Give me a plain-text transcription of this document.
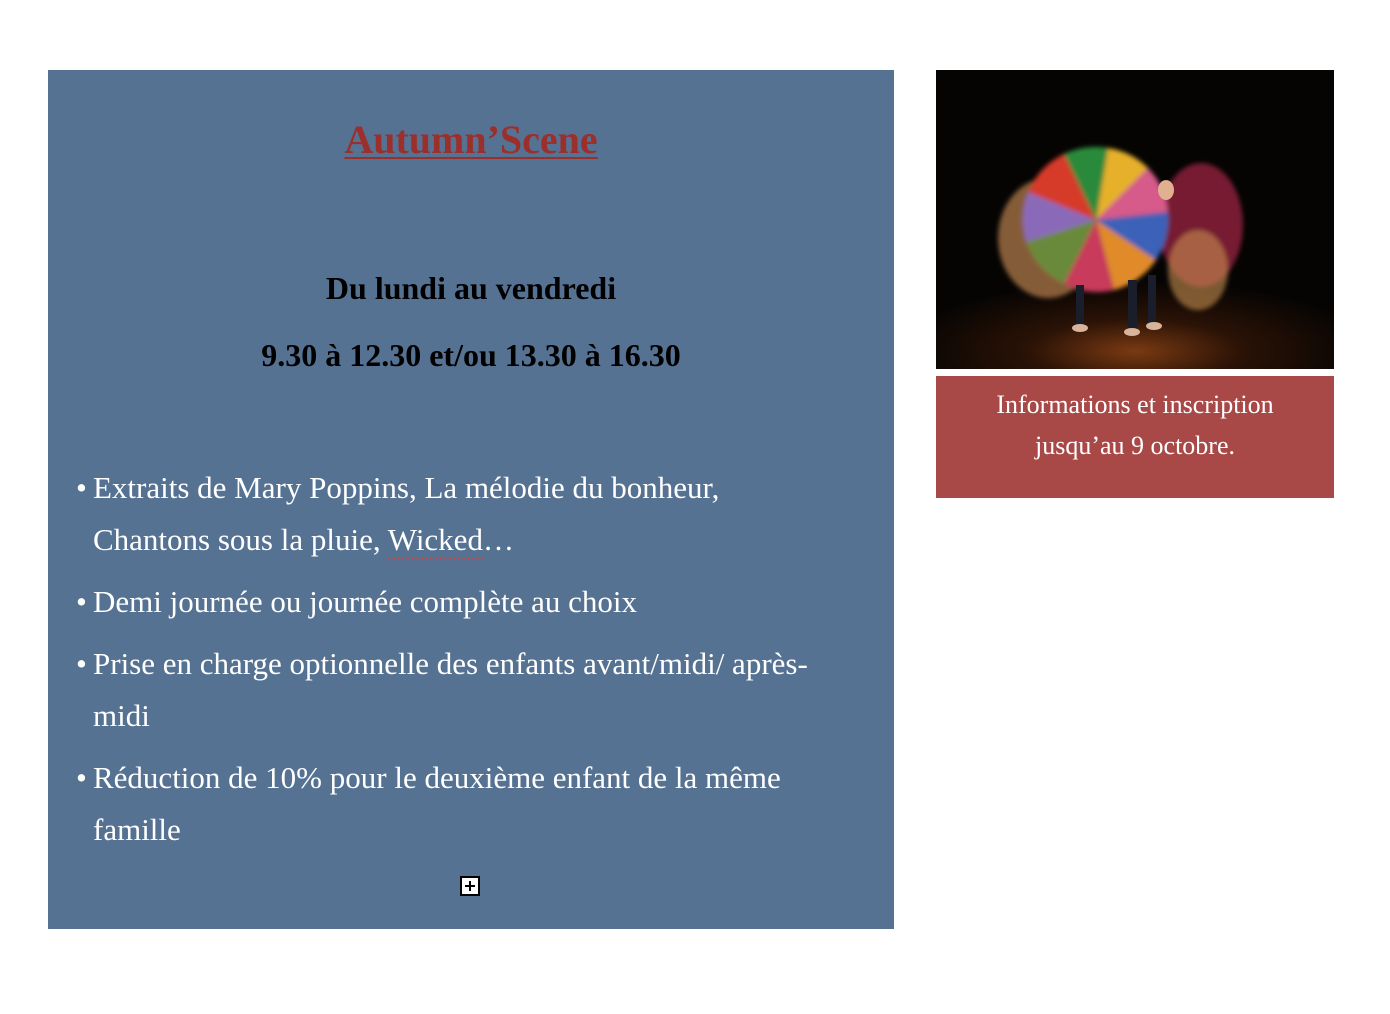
Autumn’Scene
Du lundi au vendredi
9.30 à 12.30 et/ou 13.30 à 16.30
• Extraits de Mary Poppins, La mélodie du bonheur, Chantons sous la pluie, Wicked…
• Demi journée ou journée complète au choix
• Prise en charge optionnelle des enfants avant/midi/ après-midi
• Réduction de 10% pour le deuxième enfant de la même famille
Informations et inscription
jusqu’au 9 octobre.
